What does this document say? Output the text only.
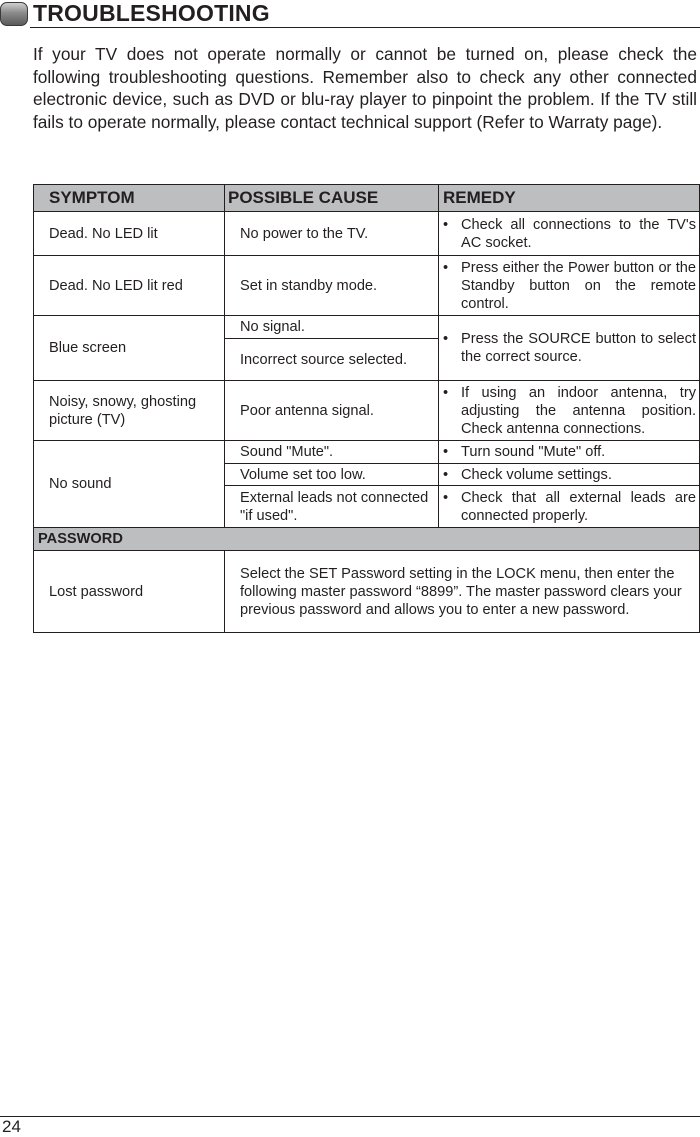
TROUBLESHOOTING

If your TV does not operate normally or cannot be turned on, please check the following troubleshooting questions. Remember also to check any other connected electronic device, such as DVD or blu-ray player to pinpoint the problem. If the TV still fails to operate normally, please contact technical support (Refer to Warraty page).

SYMPTOM	POSSIBLE CAUSE	REMEDY
Dead. No LED lit	No power to the TV.	• Check all connections to the TV's AC socket.

Dead. No LED lit red	Set in standby mode.	• Press either the Power button or the Standby button on the remote control.

Blue screen	No signal.	• Press the SOURCE button to select the correct source.

	Incorrect source selected.	
Noisy, snowy, ghosting picture (TV)	Poor antenna signal.	• If using an indoor antenna, try adjusting the antenna position. Check antenna connections.

No sound	Sound "Mute".	• Turn sound "Mute" off.

	Volume set too low.	• Check volume settings.

	External leads not connected "if used".	• Check that all external leads are connected properly.

PASSWORD		
Lost password	Select the SET Password setting in the LOCK menu, then enter the following master password “8899”. The master password clears your previous password and allows you to enter a new password.	
24
